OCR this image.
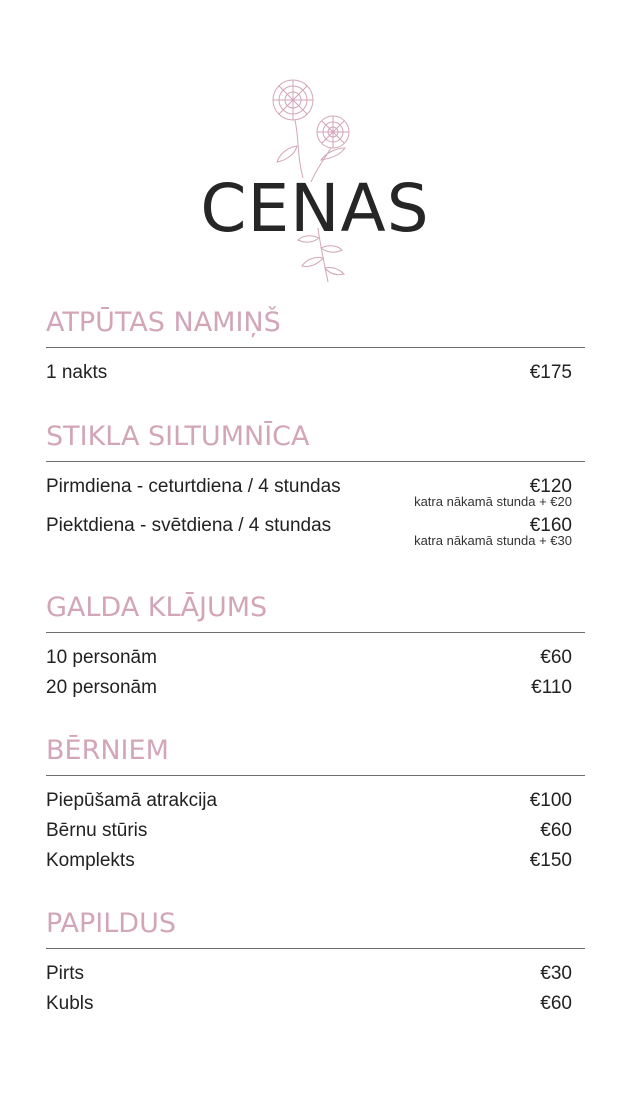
CENAS
ATPŪTAS NAMIŅŠ
1 nakts	€175
STIKLA SILTUMNĪCA
Pirmdiena - ceturtdiena / 4 stundas	€120
katra nākamā stunda + €20
Piektdiena - svētdiena / 4 stundas	€160
katra nākamā stunda + €30
GALDA KLĀJUMS
10 personām	€60
20 personām	€110
BĒRNIEM
Piepūšamā atrakcija	€100
Bērnu stūris	€60
Komplekts	€150
PAPILDUS
Pirts	€30
Kubls	€60
